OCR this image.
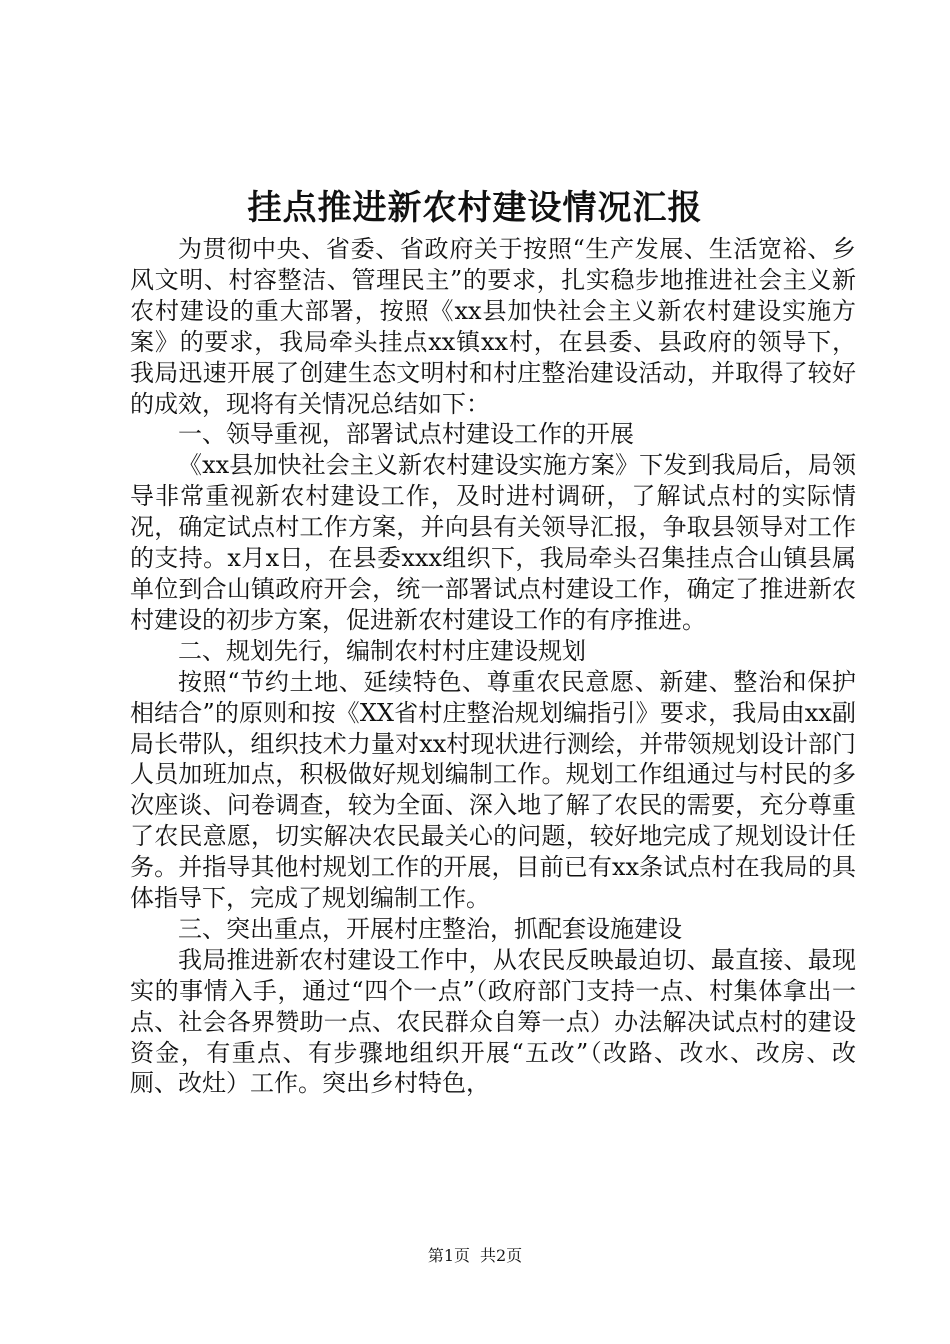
挂点推进新农村建设情况汇报

为贯彻中央、省委、省政府关于按照“生产发展、生活宽裕、乡风文明、村容整洁、管理民主”的要求，扎实稳步地推进社会主义新农村建设的重大部署，按照《xx县加快社会主义新农村建设实施方案》的要求，我局牵头挂点xx镇xx村，在县委、县政府的领导下，我局迅速开展了创建生态文明村和村庄整治建设活动，并取得了较好的成效，现将有关情况总结如下：

一、领导重视，部署试点村建设工作的开展

《xx县加快社会主义新农村建设实施方案》下发到我局后，局领导非常重视新农村建设工作，及时进村调研，了解试点村的实际情况，确定试点村工作方案，并向县有关领导汇报，争取县领导对工作的支持。x月x日，在县委xxx组织下，我局牵头召集挂点合山镇县属单位到合山镇政府开会，统一部署试点村建设工作，确定了推进新农村建设的初步方案，促进新农村建设工作的有序推进。

二、规划先行，编制农村村庄建设规划

按照“节约土地、延续特色、尊重农民意愿、新建、整治和保护相结合”的原则和按《XX省村庄整治规划编指引》要求，我局由xx副局长带队，组织技术力量对xx村现状进行测绘，并带领规划设计部门人员加班加点，积极做好规划编制工作。规划工作组通过与村民的多次座谈、问卷调查，较为全面、深入地了解了农民的需要，充分尊重了农民意愿，切实解决农民最关心的问题，较好地完成了规划设计任务。并指导其他村规划工作的开展，目前已有xx条试点村在我局的具体指导下，完成了规划编制工作。

三、突出重点，开展村庄整治，抓配套设施建设

我局推进新农村建设工作中，从农民反映最迫切、最直接、最现实的事情入手，通过“四个一点”（政府部门支持一点、村集体拿出一点、社会各界赞助一点、农民群众自筹一点）办法解决试点村的建设资金，有重点、有步骤地组织开展“五改”（改路、改水、改房、改厕、改灶）工作。突出乡村特色，

第1页 共2页
